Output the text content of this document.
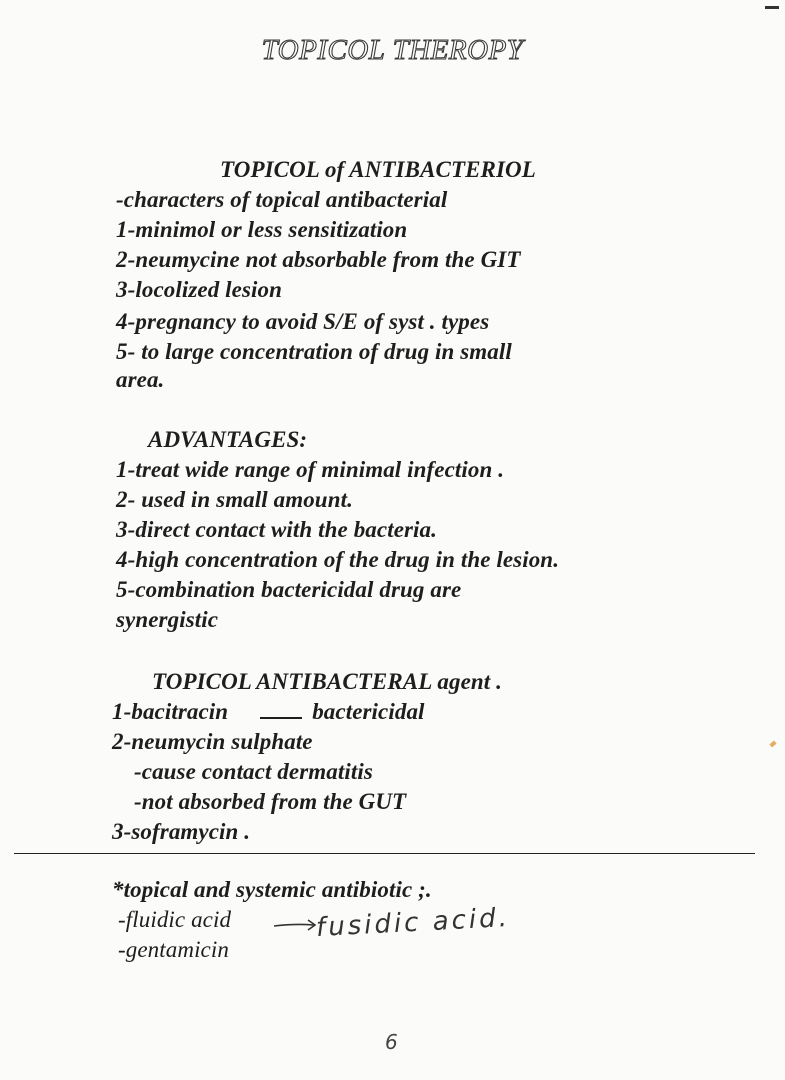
TOPICOL THEROPY
TOPICOL of ANTIBACTERIOL
-characters of topical antibacterial
1-minimol or less sensitization
2-neumycine not absorbable from the GIT
3-locolized lesion
4-pregnancy to avoid S/E of syst . types
5- to large concentration of drug in small
area.
ADVANTAGES:
1-treat wide range of minimal infection .
2- used in small amount.
3-direct contact with the bacteria.
4-high concentration of the drug in the lesion.
5-combination bactericidal drug are
synergistic
TOPICOL ANTIBACTERAL agent .
1-bacitracin	bactericidal
2-neumycin sulphate
-cause contact dermatitis
-not absorbed from the GUT
3-soframycin .
*topical and systemic antibiotic ;.
-fluidic acid
-gentamicin
fusidic acid.
6
